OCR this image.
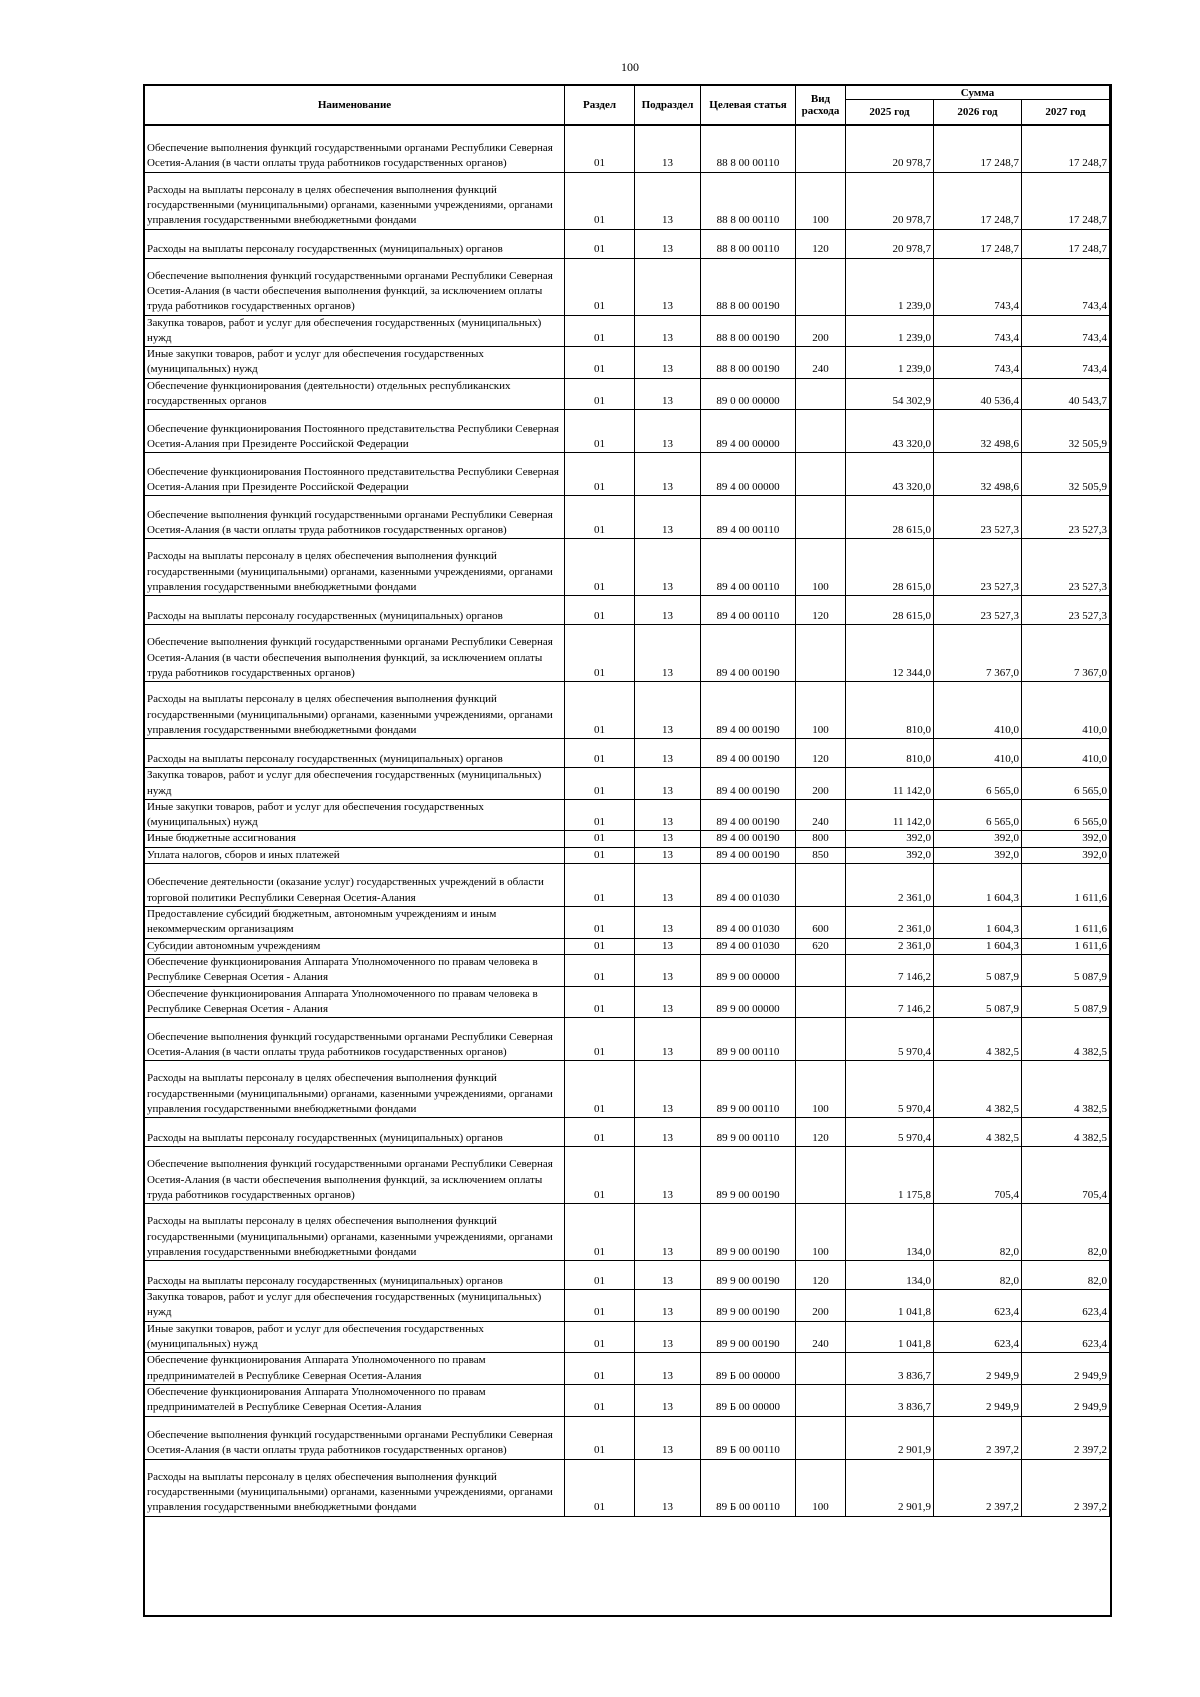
100
Наименование	Раздел	Подраздел	Целевая статья	Вид расхода	Сумма		
					2025 год	2026 год	2027 год
Обеспечение выполнения функций государственными органами Республики Северная Осетия-Алания (в части оплаты труда работников государственных органов)	01	13	88 8 00 00110		20 978,7	17 248,7	17 248,7
Расходы на выплаты персоналу в целях обеспечения выполнения функций государственными (муниципальными) органами, казенными учреждениями, органами управления государственными внебюджетными фондами	01	13	88 8 00 00110	100	20 978,7	17 248,7	17 248,7
Расходы на выплаты персоналу государственных (муниципальных) органов	01	13	88 8 00 00110	120	20 978,7	17 248,7	17 248,7
Обеспечение выполнения функций государственными органами Республики Северная Осетия-Алания (в части обеспечения выполнения функций, за исключением оплаты труда работников государственных органов)	01	13	88 8 00 00190		1 239,0	743,4	743,4
Закупка товаров, работ и услуг для обеспечения государственных (муниципальных) нужд	01	13	88 8 00 00190	200	1 239,0	743,4	743,4
Иные закупки товаров, работ и услуг для обеспечения государственных (муниципальных) нужд	01	13	88 8 00 00190	240	1 239,0	743,4	743,4
Обеспечение функционирования (деятельности) отдельных республиканских государственных органов	01	13	89 0 00 00000		54 302,9	40 536,4	40 543,7
Обеспечение функционирования Постоянного представительства Республики Северная Осетия-Алания при Президенте Российской Федерации	01	13	89 4 00 00000		43 320,0	32 498,6	32 505,9
Обеспечение функционирования Постоянного представительства Республики Северная Осетия-Алания при Президенте Российской Федерации	01	13	89 4 00 00000		43 320,0	32 498,6	32 505,9
Обеспечение выполнения функций государственными органами Республики Северная Осетия-Алания (в части оплаты труда работников государственных органов)	01	13	89 4 00 00110		28 615,0	23 527,3	23 527,3
Расходы на выплаты персоналу в целях обеспечения выполнения функций государственными (муниципальными) органами, казенными учреждениями, органами управления государственными внебюджетными фондами	01	13	89 4 00 00110	100	28 615,0	23 527,3	23 527,3
Расходы на выплаты персоналу государственных (муниципальных) органов	01	13	89 4 00 00110	120	28 615,0	23 527,3	23 527,3
Обеспечение выполнения функций государственными органами Республики Северная Осетия-Алания (в части обеспечения выполнения функций, за исключением оплаты труда работников государственных органов)	01	13	89 4 00 00190		12 344,0	7 367,0	7 367,0
Расходы на выплаты персоналу в целях обеспечения выполнения функций государственными (муниципальными) органами, казенными учреждениями, органами управления государственными внебюджетными фондами	01	13	89 4 00 00190	100	810,0	410,0	410,0
Расходы на выплаты персоналу государственных (муниципальных) органов	01	13	89 4 00 00190	120	810,0	410,0	410,0
Закупка товаров, работ и услуг для обеспечения государственных (муниципальных) нужд	01	13	89 4 00 00190	200	11 142,0	6 565,0	6 565,0
Иные закупки товаров, работ и услуг для обеспечения государственных (муниципальных) нужд	01	13	89 4 00 00190	240	11 142,0	6 565,0	6 565,0
Иные бюджетные ассигнования	01	13	89 4 00 00190	800	392,0	392,0	392,0
Уплата налогов, сборов и иных платежей	01	13	89 4 00 00190	850	392,0	392,0	392,0
Обеспечение деятельности (оказание услуг) государственных учреждений в области торговой политики Республики Северная Осетия-Алания	01	13	89 4 00 01030		2 361,0	1 604,3	1 611,6
Предоставление субсидий бюджетным, автономным учреждениям и иным некоммерческим организациям	01	13	89 4 00 01030	600	2 361,0	1 604,3	1 611,6
Субсидии автономным учреждениям	01	13	89 4 00 01030	620	2 361,0	1 604,3	1 611,6
Обеспечение функционирования Аппарата Уполномоченного по правам человека в Республике Северная Осетия - Алания	01	13	89 9 00 00000		7 146,2	5 087,9	5 087,9
Обеспечение функционирования Аппарата Уполномоченного по правам человека в Республике Северная Осетия - Алания	01	13	89 9 00 00000		7 146,2	5 087,9	5 087,9
Обеспечение выполнения функций государственными органами Республики Северная Осетия-Алания (в части оплаты труда работников государственных органов)	01	13	89 9 00 00110		5 970,4	4 382,5	4 382,5
Расходы на выплаты персоналу в целях обеспечения выполнения функций государственными (муниципальными) органами, казенными учреждениями, органами управления государственными внебюджетными фондами	01	13	89 9 00 00110	100	5 970,4	4 382,5	4 382,5
Расходы на выплаты персоналу государственных (муниципальных) органов	01	13	89 9 00 00110	120	5 970,4	4 382,5	4 382,5
Обеспечение выполнения функций государственными органами Республики Северная Осетия-Алания (в части обеспечения выполнения функций, за исключением оплаты труда работников государственных органов)	01	13	89 9 00 00190		1 175,8	705,4	705,4
Расходы на выплаты персоналу в целях обеспечения выполнения функций государственными (муниципальными) органами, казенными учреждениями, органами управления государственными внебюджетными фондами	01	13	89 9 00 00190	100	134,0	82,0	82,0
Расходы на выплаты персоналу государственных (муниципальных) органов	01	13	89 9 00 00190	120	134,0	82,0	82,0
Закупка товаров, работ и услуг для обеспечения государственных (муниципальных) нужд	01	13	89 9 00 00190	200	1 041,8	623,4	623,4
Иные закупки товаров, работ и услуг для обеспечения государственных (муниципальных) нужд	01	13	89 9 00 00190	240	1 041,8	623,4	623,4
Обеспечение функционирования Аппарата Уполномоченного по правам предпринимателей в Республике Северная Осетия-Алания	01	13	89 Б 00 00000		3 836,7	2 949,9	2 949,9
Обеспечение функционирования Аппарата Уполномоченного по правам предпринимателей в Республике Северная Осетия-Алания	01	13	89 Б 00 00000		3 836,7	2 949,9	2 949,9
Обеспечение выполнения функций государственными органами Республики Северная Осетия-Алания (в части оплаты труда работников государственных органов)	01	13	89 Б 00 00110		2 901,9	2 397,2	2 397,2
Расходы на выплаты персоналу в целях обеспечения выполнения функций государственными (муниципальными) органами, казенными учреждениями, органами управления государственными внебюджетными фондами	01	13	89 Б 00 00110	100	2 901,9	2 397,2	2 397,2
